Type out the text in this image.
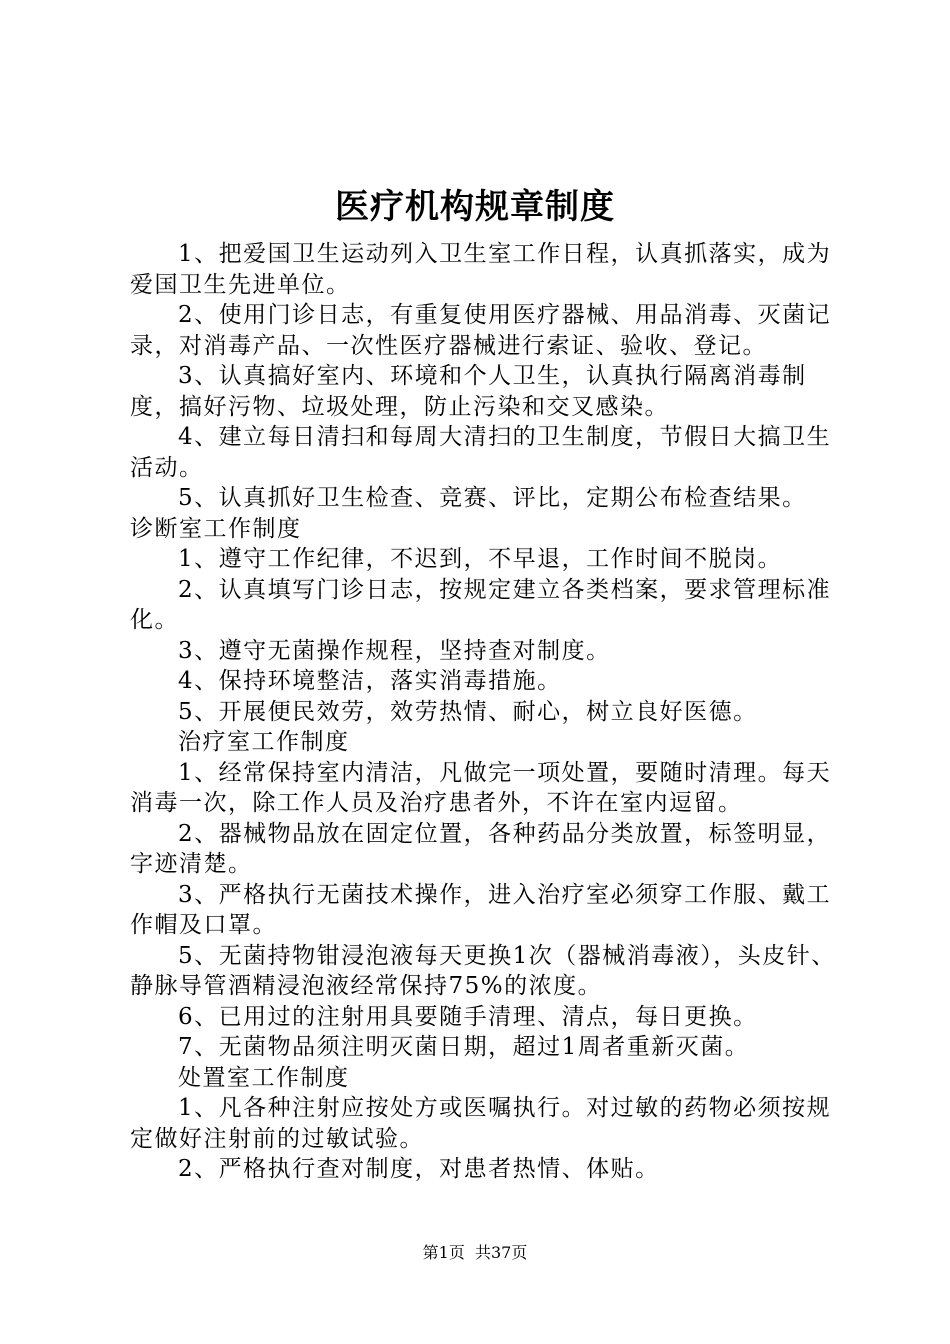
医疗机构规章制度

1、把爱国卫生运动列入卫生室工作日程，认真抓落实，成为爱国卫生先进单位。

2、使用门诊日志，有重复使用医疗器械、用品消毒、灭菌记录，对消毒产品、一次性医疗器械进行索证、验收、登记。

3、认真搞好室内、环境和个人卫生，认真执行隔离消毒制度，搞好污物、垃圾处理，防止污染和交叉感染。

4、建立每日清扫和每周大清扫的卫生制度，节假日大搞卫生活动。

5、认真抓好卫生检查、竞赛、评比，定期公布检查结果。

诊断室工作制度

1、遵守工作纪律，不迟到，不早退，工作时间不脱岗。

2、认真填写门诊日志，按规定建立各类档案，要求管理标准化。

3、遵守无菌操作规程，坚持查对制度。

4、保持环境整洁，落实消毒措施。

5、开展便民效劳，效劳热情、耐心，树立良好医德。

治疗室工作制度

1、经常保持室内清洁，凡做完一项处置，要随时清理。每天消毒一次，除工作人员及治疗患者外，不许在室内逗留。

2、器械物品放在固定位置，各种药品分类放置，标签明显，字迹清楚。

3、严格执行无菌技术操作，进入治疗室必须穿工作服、戴工作帽及口罩。

5、无菌持物钳浸泡液每天更换1次（器械消毒液），头皮针、静脉导管酒精浸泡液经常保持75%的浓度。

6、已用过的注射用具要随手清理、清点，每日更换。

7、无菌物品须注明灭菌日期，超过1周者重新灭菌。

处置室工作制度

1、凡各种注射应按处方或医嘱执行。对过敏的药物必须按规定做好注射前的过敏试验。

2、严格执行查对制度，对患者热情、体贴。

第1页  共37页
